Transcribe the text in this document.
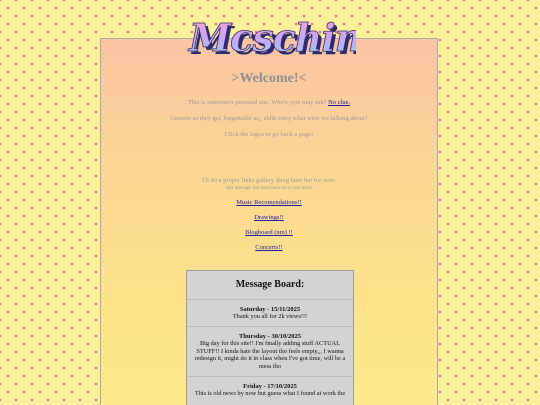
Mcschi
Mcschi
>Welcome!<

This is someone's personal site. Who's, you may ask? No clue.

Generic as they get, forgettable as,, ahhh sorry what were we talking about?

Click the logos to go back a page!

I'll do a proper links gallery thing later but for now:
this message has been here for a year hmm
Music Recomendations!!
Drawings!!
Blogboard (nm) !!
Concerts!!
Message Board:
Saturday - 15/11/2025
Thank you all for 2k views!!!
Thursday - 30/10/2025
Big day for this site!! I'm finally adding stuff ACTUAL STUFF!! I kinda hate the layout tho feels empty,,, I wanna redesign it, might do it in class when I've got time, will be a mess tho
Friday - 17/10/2025
This is old news by now but guess what I found at work the
